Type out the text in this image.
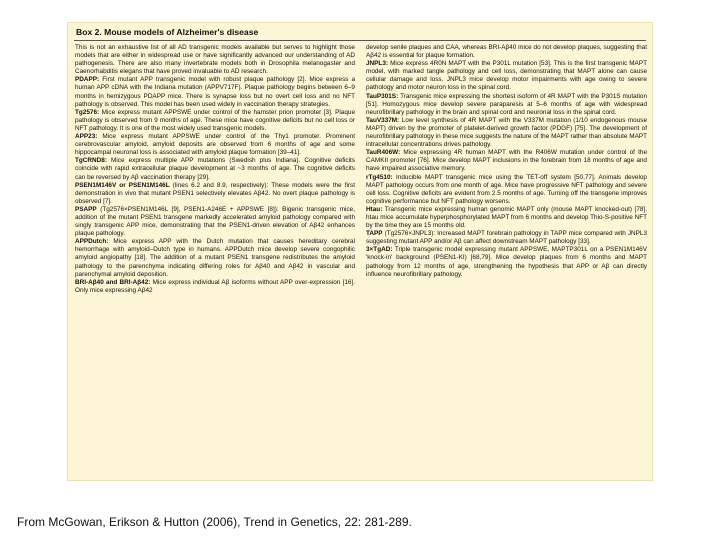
Box 2. Mouse models of Alzheimer's disease

This is not an exhaustive list of all AD transgenic models available but serves to highlight those models that are either in widespread use or have significantly advanced our understanding of AD pathogenesis. There are also many invertebrate models both in Drosophila melanogaster and Caenorhabditis elegans that have proved invaluable to AD research.

PDAPP: First mutant APP transgenic model with robust plaque pathology [2]. Mice express a human APP cDNA with the Indiana mutation (APPV717F). Plaque pathology begins between 6–9 months in hemizygous PDAPP mice. There is synapse loss but no overt cell loss and no NFT pathology is observed. This model has been used widely in vaccination therapy strategies.

Tg2576: Mice express mutant APPSWE under control of the hamster prion promoter [3]. Plaque pathology is observed from 9 months of age. These mice have cognitive deficits but no cell loss or NFT pathology. It is one of the most widely used transgenic models.

APP23: Mice express mutant APPSWE under control of the Thy1 promoter. Prominent cerebrovascular amyloid, amyloid deposits are observed from 6 months of age and some hippocampal neuronal loss is associated with amyloid plaque formation [39–41].

TgCRND8: Mice express multiple APP mutations (Swedish plus Indiana). Cognitive deficits coincide with rapid extracellular plaque development at ~3 months of age. The cognitive deficits can be reversed by Aβ vaccination therapy [29].

PSEN1M146V or PSEN1M146L (lines 6.2 and 8.9, respectively): These models were the first demonstration in vivo that mutant PSEN1 selectively elevates Aβ42. No overt plaque pathology is observed [7].

PSAPP (Tg2576×PSEN1M146L [9], PSEN1-A246E + APPSWE [8]): Bigenic transgenic mice, addition of the mutant PSEN1 transgene markedly accelerated amyloid pathology compared with singly transgenic APP mice, demonstrating that the PSEN1-driven elevation of Aβ42 enhances plaque pathology.

APPDutch: Mice express APP with the Dutch mutation that causes hereditary cerebral hemorrhage with amyloid–Dutch type in humans. APPDutch mice develop severe congophilic amyloid angiopathy [18]. The addition of a mutant PSEN1 transgene redistributes the amyloid pathology to the parenchyma indicating differing roles for Aβ40 and Aβ42 in vascular and parenchymal amyloid deposition.

BRI-Aβ40 and BRI-Aβ42: Mice express individual Aβ isoforms without APP over-expression [16]. Only mice expressing Aβ42

develop senile plaques and CAA, whereas BRI-Aβ40 mice do not develop plaques, suggesting that Aβ42 is essential for plaque formation.

JNPL3: Mice express 4R0N MAPT with the P301L mutation [53]. This is the first transgenic MAPT model, with marked tangle pathology and cell loss, demonstrating that MAPT alone can cause cellular damage and loss. JNPL3 mice develop motor impairments with age owing to severe pathology and motor neuron loss in the spinal cord.

TauP301S: Transgenic mice expressing the shortest isoform of 4R MAPT with the P301S mutation [51]. Homozygous mice develop severe paraparesis at 5–6 months of age with widespread neurofibrillary pathology in the brain and spinal cord and neuronal loss in the spinal cord.

TauV337M: Low level synthesis of 4R MAPT with the V337M mutation (1/10 endogenous mouse MAPT) driven by the promoter of platelet-derived growth factor (PDGF) [75]. The development of neurofibrillary pathology in these mice suggests the nature of the MAPT rather than absolute MAPT intracellular concentrations drives pathology.

TauR406W: Mice expressing 4R human MAPT with the R406W mutation under control of the CAMKII promoter [76]. Mice develop MAPT inclusions in the forebrain from 18 months of age and have impaired associative memory.

rTg4510: Inducible MAPT transgenic mice using the TET-off system [50,77]. Animals develop MAPT pathology occurs from one month of age. Mice have progressive NFT pathology and severe cell loss. Cognitive deficits are evident from 2.5 months of age. Turning off the transgene improves cognitive performance but NFT pathology worsens.

Htau: Transgenic mice expressing human genomic MAPT only (mouse MAPT knocked-out) [78]. htau mice accumulate hyperphosphorylated MAPT from 6 months and develop Thio-S-positive NFT by the time they are 15 months old.

TAPP (Tg2576×JNPL3): Increased MAPT forebrain pathology in TAPP mice compared with JNPL3 suggesting mutant APP and/or Aβ can affect downstream MAPT pathology [33].

3×TgAD: Triple transgenic model expressing mutant APPSWE, MAPTP301L on a PSEN1M146V 'knock-in' background (PSEN1-KI) [68,79]. Mice develop plaques from 6 months and MAPT pathology from 12 months of age, strengthening the hypothesis that APP or Aβ can directly influence neurofibrillary pathology.

From McGowan, Erikson & Hutton (2006), Trend in Genetics, 22: 281-289.
